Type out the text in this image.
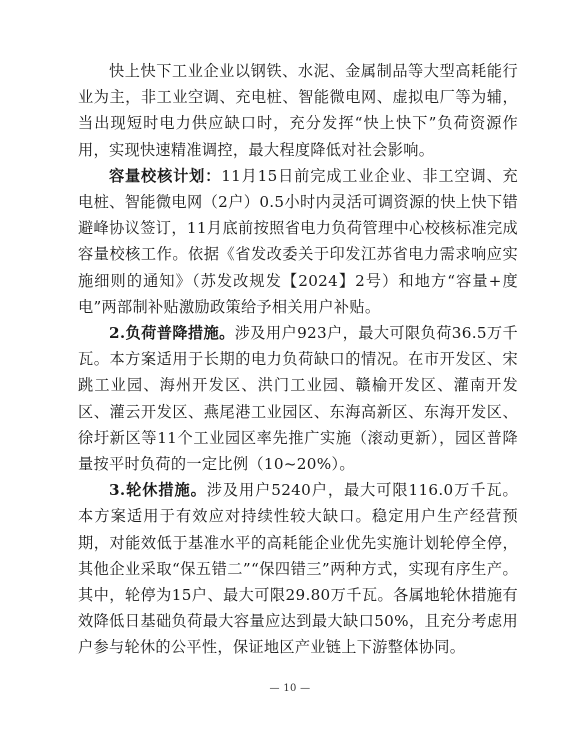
快上快下工业企业以钢铁、水泥、金属制品等大型高耗能行业为主，非工业空调、充电桩、智能微电网、虚拟电厂等为辅，当出现短时电力供应缺口时，充分发挥“快上快下”负荷资源作用，实现快速精准调控，最大程度降低对社会影响。

容量校核计划：11月15日前完成工业企业、非工空调、充电桩、智能微电网（2户）0.5小时内灵活可调资源的快上快下错避峰协议签订，11月底前按照省电力负荷管理中心校核标准完成容量校核工作。依据《省发改委关于印发江苏省电力需求响应实施细则的通知》（苏发改规发【2024】2号）和地方“容量+度电”两部制补贴激励政策给予相关用户补贴。

2.负荷普降措施。涉及用户923户，最大可限负荷36.5万千瓦。本方案适用于长期的电力负荷缺口的情况。在市开发区、宋跳工业园、海州开发区、洪门工业园、赣榆开发区、灌南开发区、灌云开发区、燕尾港工业园区、东海高新区、东海开发区、徐圩新区等11个工业园区率先推广实施（滚动更新），园区普降量按平时负荷的一定比例（10~20%）。

3.轮休措施。涉及用户5240户，最大可限116.0万千瓦。本方案适用于有效应对持续性较大缺口。稳定用户生产经营预期，对能效低于基准水平的高耗能企业优先实施计划轮停全停，其他企业采取“保五错二”“保四错三”两种方式，实现有序生产。其中，轮停为15户、最大可限29.80万千瓦。各属地轮休措施有效降低日基础负荷最大容量应达到最大缺口50%，且充分考虑用户参与轮休的公平性，保证地区产业链上下游整体协同。

— 10 —
